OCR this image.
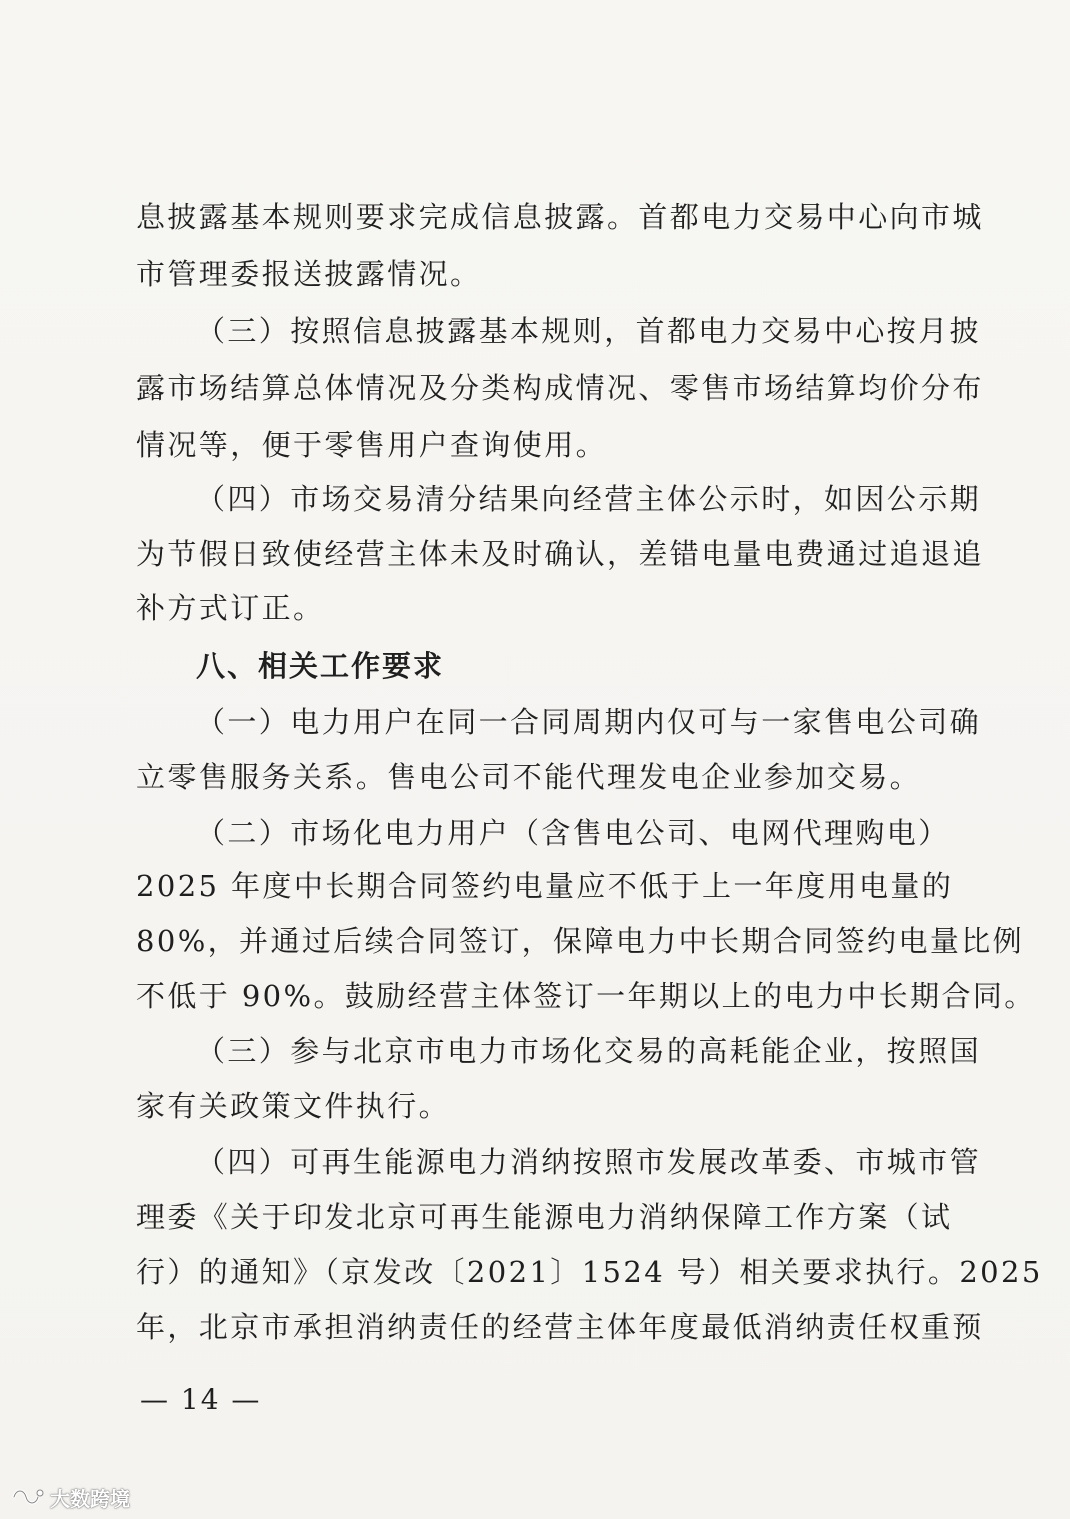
息披露基本规则要求完成信息披露。首都电力交易中心向市城
市管理委报送披露情况。
（三）按照信息披露基本规则，首都电力交易中心按月披
露市场结算总体情况及分类构成情况、零售市场结算均价分布
情况等，便于零售用户查询使用。
（四）市场交易清分结果向经营主体公示时，如因公示期
为节假日致使经营主体未及时确认，差错电量电费通过追退追
补方式订正。
八、相关工作要求
（一）电力用户在同一合同周期内仅可与一家售电公司确
立零售服务关系。售电公司不能代理发电企业参加交易。
（二）市场化电力用户（含售电公司、电网代理购电）
2025 年度中长期合同签约电量应不低于上一年度用电量的
80%，并通过后续合同签订，保障电力中长期合同签约电量比例
不低于 90%。鼓励经营主体签订一年期以上的电力中长期合同。
（三）参与北京市电力市场化交易的高耗能企业，按照国
家有关政策文件执行。
（四）可再生能源电力消纳按照市发展改革委、市城市管
理委《关于印发北京可再生能源电力消纳保障工作方案（试
行）的通知》（京发改〔2021〕1524 号）相关要求执行。2025
年，北京市承担消纳责任的经营主体年度最低消纳责任权重预
— 14 —
大数跨境
